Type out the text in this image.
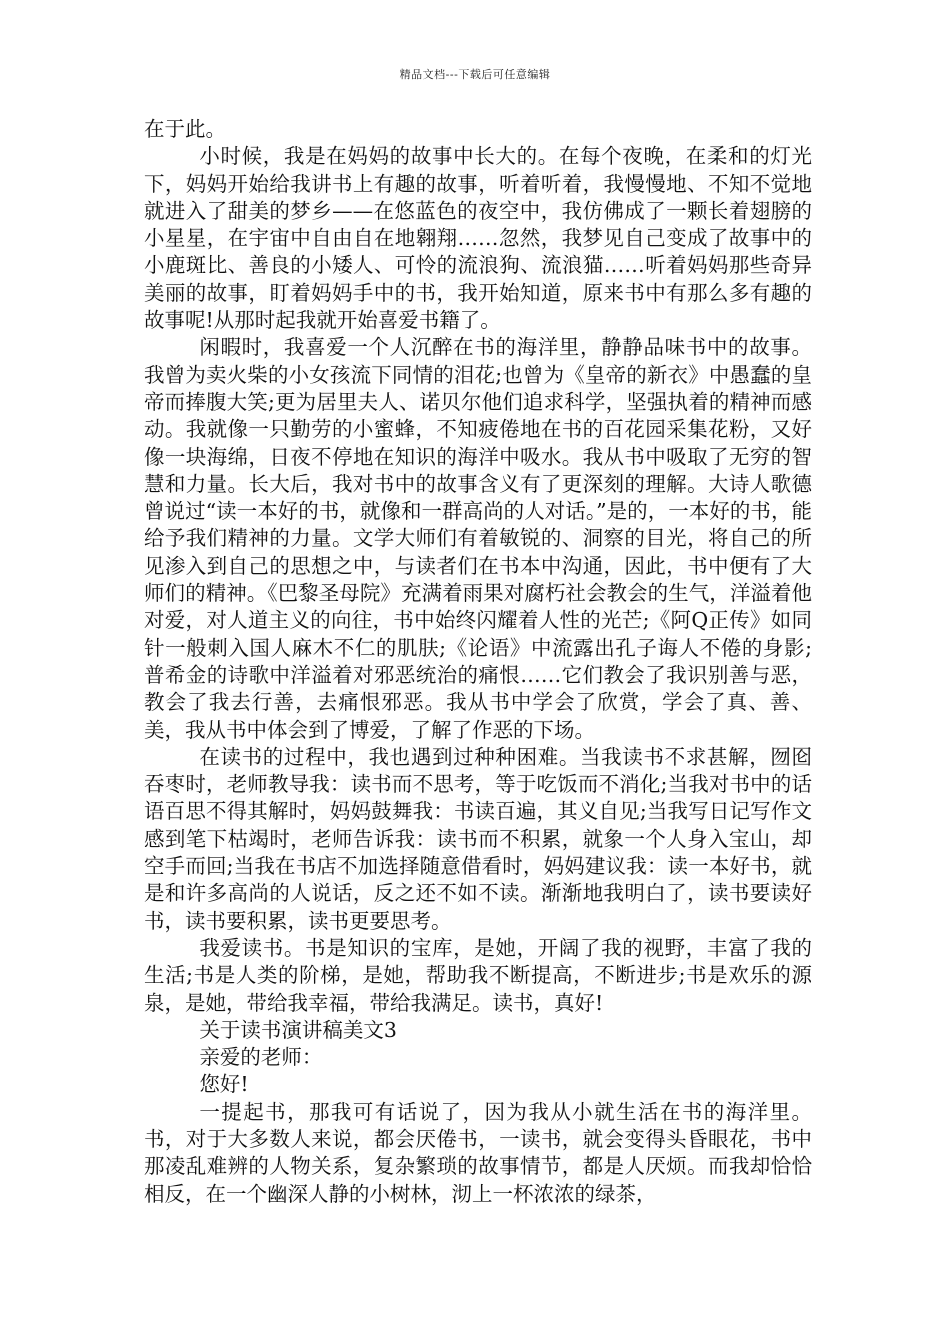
精品文档---下载后可任意编辑

在于此。

小时候，我是在妈妈的故事中长大的。在每个夜晚，在柔和的灯光下，妈妈开始给我讲书上有趣的故事，听着听着，我慢慢地、不知不觉地就进入了甜美的梦乡——在悠蓝色的夜空中，我仿佛成了一颗长着翅膀的小星星，在宇宙中自由自在地翱翔……忽然，我梦见自己变成了故事中的小鹿斑比、善良的小矮人、可怜的流浪狗、流浪猫……听着妈妈那些奇异美丽的故事，盯着妈妈手中的书，我开始知道，原来书中有那么多有趣的故事呢!从那时起我就开始喜爱书籍了。

闲暇时，我喜爱一个人沉醉在书的海洋里，静静品味书中的故事。我曾为卖火柴的小女孩流下同情的泪花;也曾为《皇帝的新衣》中愚蠢的皇帝而捧腹大笑;更为居里夫人、诺贝尔他们追求科学，坚强执着的精神而感动。我就像一只勤劳的小蜜蜂，不知疲倦地在书的百花园采集花粉，又好像一块海绵，日夜不停地在知识的海洋中吸水。我从书中吸取了无穷的智慧和力量。长大后，我对书中的故事含义有了更深刻的理解。大诗人歌德曾说过“读一本好的书，就像和一群高尚的人对话。”是的，一本好的书，能给予我们精神的力量。文学大师们有着敏锐的、洞察的目光，将自己的所见渗入到自己的思想之中，与读者们在书本中沟通，因此，书中便有了大师们的精神。《巴黎圣母院》充满着雨果对腐朽社会教会的生气，洋溢着他对爱，对人道主义的向往，书中始终闪耀着人性的光芒;《阿Q正传》如同针一般刺入国人麻木不仁的肌肤;《论语》中流露出孔子诲人不倦的身影;普希金的诗歌中洋溢着对邪恶统治的痛恨……它们教会了我识别善与恶，教会了我去行善，去痛恨邪恶。我从书中学会了欣赏，学会了真、善、美，我从书中体会到了博爱，了解了作恶的下场。

在读书的过程中，我也遇到过种种困难。当我读书不求甚解，囫囵吞枣时，老师教导我：读书而不思考，等于吃饭而不消化;当我对书中的话语百思不得其解时，妈妈鼓舞我：书读百遍，其义自见;当我写日记写作文感到笔下枯竭时，老师告诉我：读书而不积累，就象一个人身入宝山，却空手而回;当我在书店不加选择随意借看时，妈妈建议我：读一本好书，就是和许多高尚的人说话，反之还不如不读。渐渐地我明白了，读书要读好书，读书要积累，读书更要思考。

我爱读书。书是知识的宝库，是她，开阔了我的视野，丰富了我的生活;书是人类的阶梯，是她，帮助我不断提高，不断进步;书是欢乐的源泉，是她，带给我幸福，带给我满足。读书，真好!

关于读书演讲稿美文3

亲爱的老师：

您好!

一提起书，那我可有话说了，因为我从小就生活在书的海洋里。书，对于大多数人来说，都会厌倦书，一读书，就会变得头昏眼花，书中那凌乱难辨的人物关系，复杂繁琐的故事情节，都是人厌烦。而我却恰恰相反，在一个幽深人静的小树林，沏上一杯浓浓的绿茶，
